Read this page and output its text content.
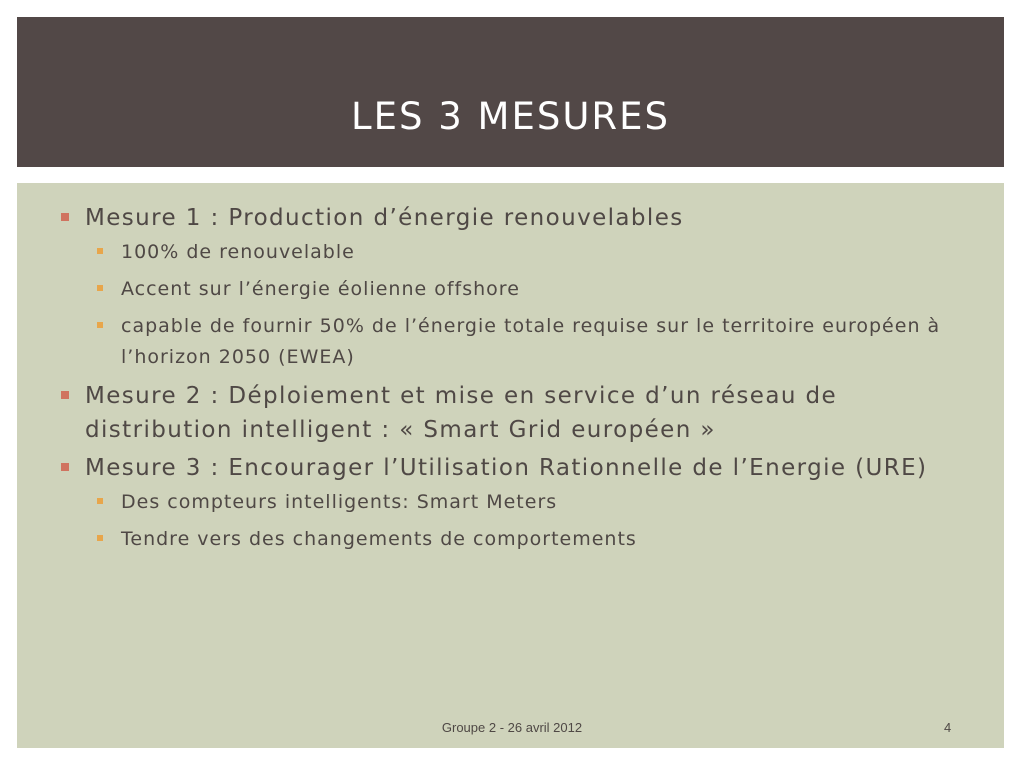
LES 3 MESURES
Mesure 1 : Production d’énergie renouvelables
100% de renouvelable
Accent sur l’énergie éolienne offshore
capable de fournir 50% de l’énergie totale requise sur le territoire européen à l’horizon 2050 (EWEA)
Mesure 2 : Déploiement et mise en service d’un réseau de distribution intelligent : « Smart Grid européen »
Mesure 3 : Encourager l’Utilisation Rationnelle de l’Energie (URE)
Des compteurs intelligents: Smart Meters
Tendre vers des changements de comportements
Groupe 2 - 26 avril 2012	4
